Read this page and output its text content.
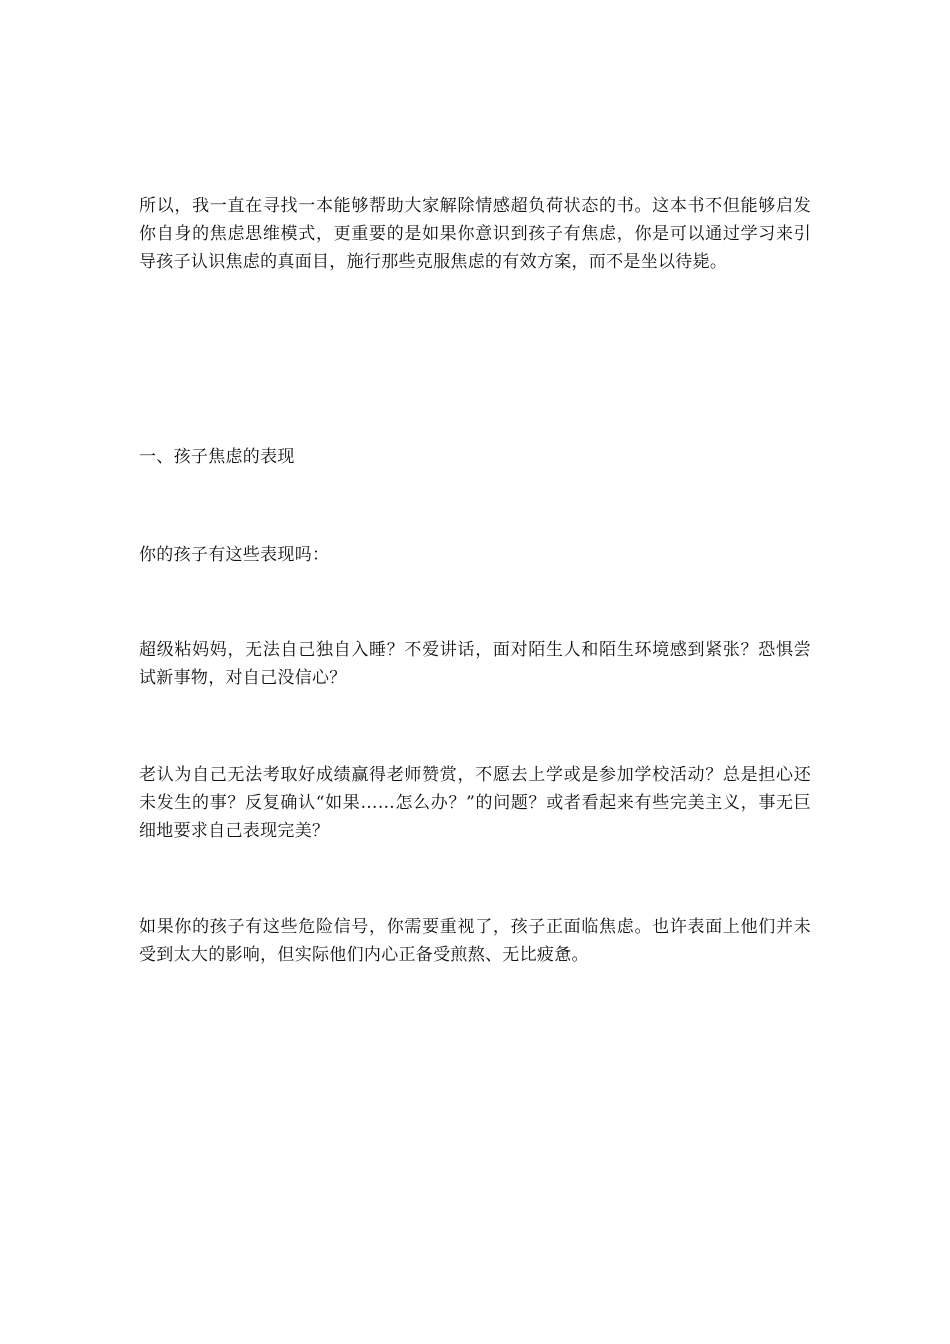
所以，我一直在寻找一本能够帮助大家解除情感超负荷状态的书。这本书不但能够启发你自身的焦虑思维模式，更重要的是如果你意识到孩子有焦虑，你是可以通过学习来引导孩子认识焦虑的真面目，施行那些克服焦虑的有效方案，而不是坐以待毙。

一、孩子焦虑的表现

你的孩子有这些表现吗：

超级粘妈妈，无法自己独自入睡？不爱讲话，面对陌生人和陌生环境感到紧张？恐惧尝试新事物，对自己没信心？

老认为自己无法考取好成绩赢得老师赞赏，不愿去上学或是参加学校活动？总是担心还未发生的事？反复确认“如果……怎么办？”的问题？或者看起来有些完美主义，事无巨细地要求自己表现完美？

如果你的孩子有这些危险信号，你需要重视了，孩子正面临焦虑。也许表面上他们并未受到太大的影响，但实际他们内心正备受煎熬、无比疲惫。
